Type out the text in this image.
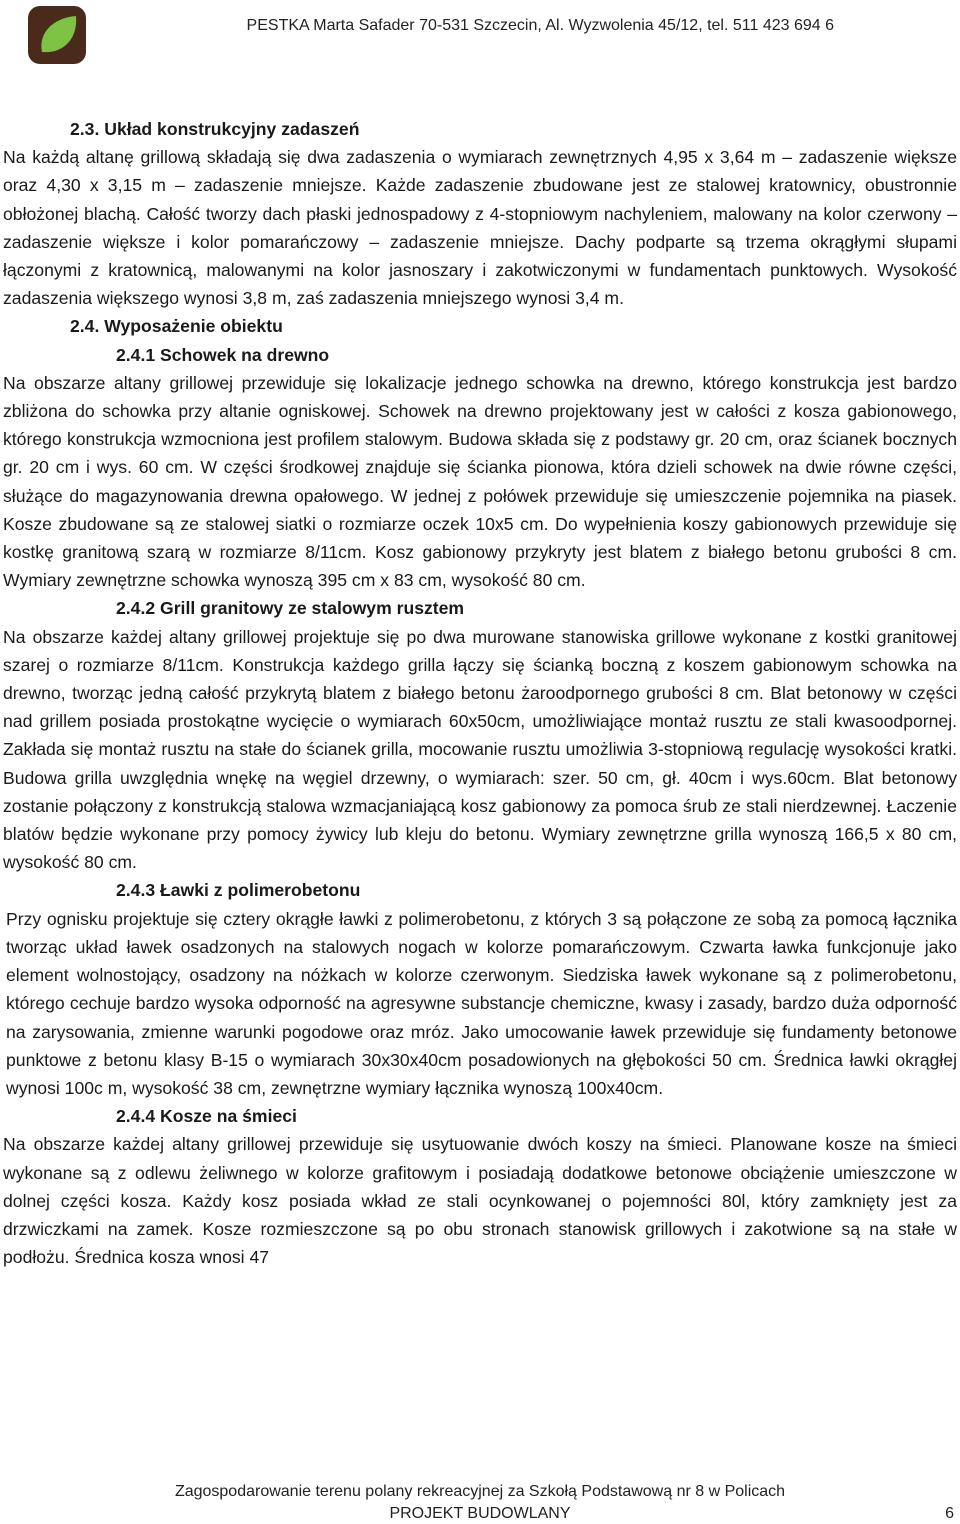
PESTKA Marta Safader 70-531 Szczecin, Al. Wyzwolenia 45/12, tel. 511 423 694 6
2.3. Układ konstrukcyjny zadaszeń
Na każdą altanę grillową składają się dwa zadaszenia o wymiarach zewnętrznych 4,95 x 3,64 m – zadaszenie większe oraz 4,30 x 3,15 m – zadaszenie mniejsze. Każde zadaszenie zbudowane jest ze stalowej kratownicy, obustronnie obłożonej blachą. Całość tworzy dach płaski jednospadowy z 4-stopniowym nachyleniem, malowany na kolor czerwony – zadaszenie większe i kolor pomarańczowy – zadaszenie mniejsze. Dachy podparte są trzema okrągłymi słupami łączonymi z kratownicą, malowanymi na kolor jasnoszary i zakotwiczonymi w fundamentach punktowych. Wysokość zadaszenia większego wynosi 3,8 m, zaś zadaszenia mniejszego wynosi 3,4 m.
2.4. Wyposażenie obiektu
2.4.1 Schowek na drewno
Na obszarze altany grillowej przewiduje się lokalizacje jednego schowka na drewno, którego konstrukcja jest bardzo zbliżona do schowka przy altanie ogniskowej. Schowek na drewno projektowany jest w całości z kosza gabionowego, którego konstrukcja wzmocniona jest profilem stalowym. Budowa składa się z podstawy gr. 20 cm, oraz ścianek bocznych gr. 20 cm i wys. 60 cm. W części środkowej znajduje się ścianka pionowa, która dzieli schowek na dwie równe części, służące do magazynowania drewna opałowego. W jednej z połówek przewiduje się umieszczenie pojemnika na piasek. Kosze zbudowane są ze stalowej siatki o rozmiarze oczek 10x5 cm. Do wypełnienia koszy gabionowych przewiduje się kostkę granitową szarą w rozmiarze 8/11cm. Kosz gabionowy przykryty jest blatem z białego betonu grubości 8 cm. Wymiary zewnętrzne schowka wynoszą 395 cm x 83 cm, wysokość 80 cm.
2.4.2 Grill granitowy ze stalowym rusztem
Na obszarze każdej altany grillowej projektuje się po dwa murowane stanowiska grillowe wykonane z kostki granitowej szarej o rozmiarze 8/11cm. Konstrukcja każdego grilla łączy się ścianką boczną z koszem gabionowym schowka na drewno, tworząc jedną całość przykrytą blatem z białego betonu żaroodpornego grubości 8 cm. Blat betonowy w części nad grillem posiada prostokątne wycięcie o wymiarach 60x50cm, umożliwiające montaż rusztu ze stali kwasoodpornej. Zakłada się montaż rusztu na stałe do ścianek grilla, mocowanie rusztu umożliwia 3-stopniową regulację wysokości kratki. Budowa grilla uwzględnia wnękę na węgiel drzewny, o wymiarach: szer. 50 cm, gł. 40cm i wys.60cm. Blat betonowy zostanie połączony z konstrukcją stalowa wzmacjaniającą kosz gabionowy za pomoca śrub ze stali nierdzewnej. Łaczenie blatów będzie wykonane przy pomocy żywicy lub kleju do betonu. Wymiary zewnętrzne grilla wynoszą 166,5 x 80 cm, wysokość 80 cm.
2.4.3 Ławki z polimerobetonu
Przy ognisku projektuje się cztery okrągłe ławki z polimerobetonu, z których 3 są połączone ze sobą za pomocą łącznika tworząc układ ławek osadzonych na stalowych nogach w kolorze pomarańczowym. Czwarta ławka funkcjonuje jako element wolnostojący, osadzony na nóżkach w kolorze czerwonym. Siedziska ławek wykonane są z polimerobetonu, którego cechuje bardzo wysoka odporność na agresywne substancje chemiczne, kwasy i zasady, bardzo duża odporność na zarysowania, zmienne warunki pogodowe oraz mróz. Jako umocowanie ławek przewiduje się fundamenty betonowe punktowe z betonu klasy B-15 o wymiarach 30x30x40cm posadowionych na głębokości 50 cm. Średnica ławki okrągłej wynosi 100c m, wysokość 38 cm, zewnętrzne wymiary łącznika wynoszą 100x40cm.
2.4.4 Kosze na śmieci
Na obszarze każdej altany grillowej przewiduje się usytuowanie dwóch koszy na śmieci. Planowane kosze na śmieci wykonane są z odlewu żeliwnego w kolorze grafitowym i posiadają dodatkowe betonowe obciążenie umieszczone w dolnej części kosza. Każdy kosz posiada wkład ze stali ocynkowanej o pojemności 80l, który zamknięty jest za drzwiczkami na zamek. Kosze rozmieszczone są po obu stronach stanowisk grillowych i zakotwione są na stałe w podłożu. Średnica kosza wnosi 47
Zagospodarowanie terenu polany rekreacyjnej za Szkołą Podstawową nr 8 w Policach
PROJEKT BUDOWLANY	6
